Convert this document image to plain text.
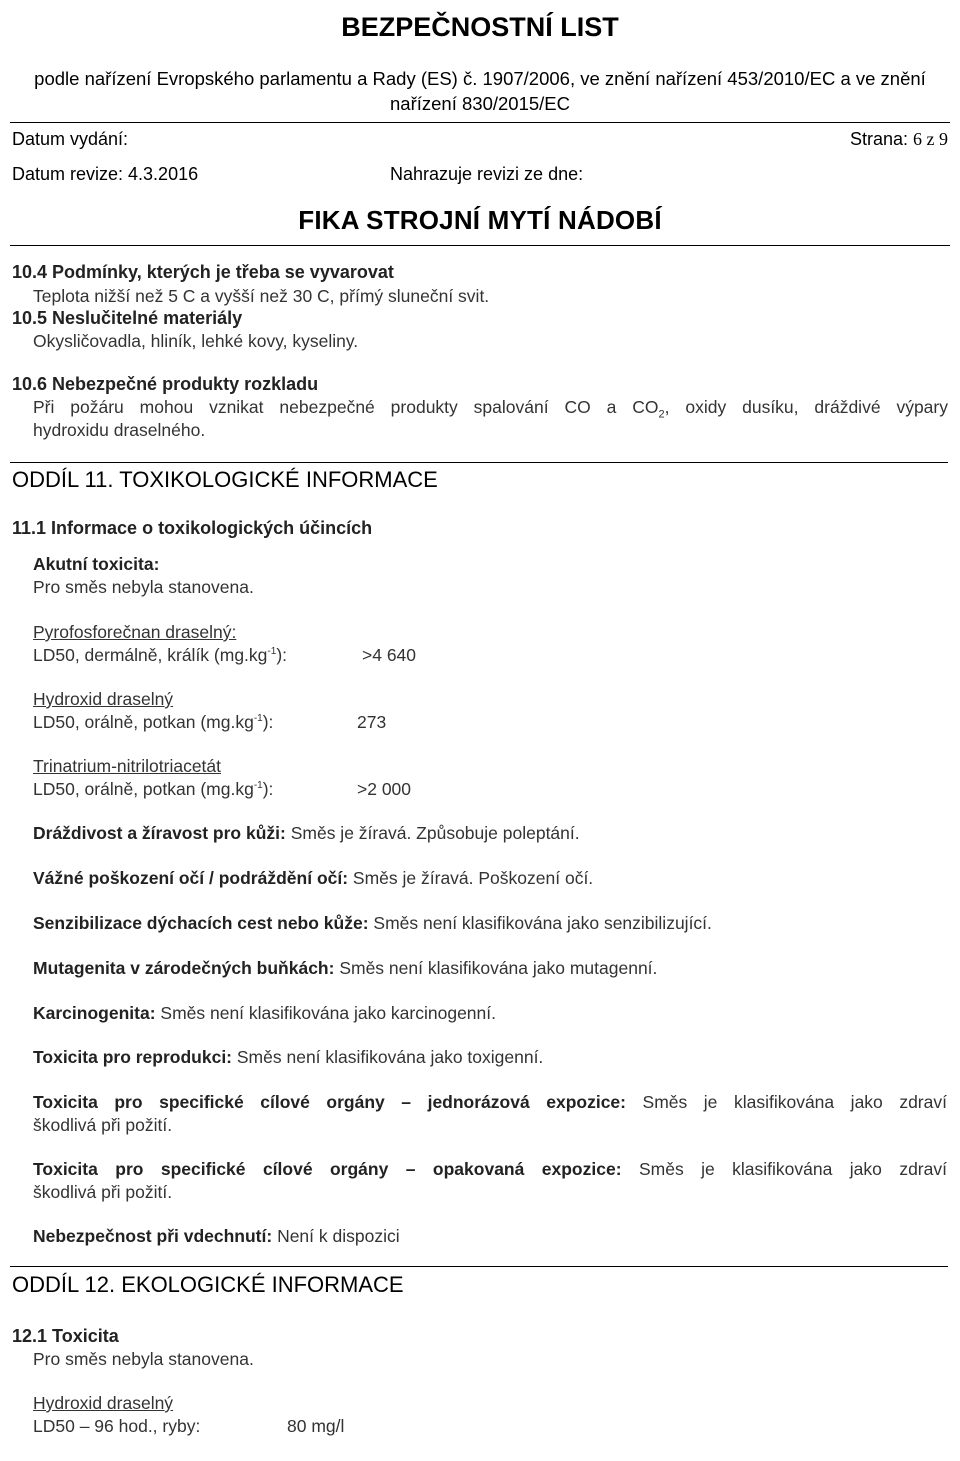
BEZPEČNOSTNÍ LIST
podle nařízení Evropského parlamentu a Rady (ES) č. 1907/2006, ve znění nařízení 453/2010/EC a ve znění
nařízení 830/2015/EC
Datum vydání:	Strana: 6 z 9
Datum revize: 4.3.2016	Nahrazuje revizi ze dne:
FIKA STROJNÍ MYTÍ NÁDOBÍ
10.4 Podmínky, kterých je třeba se vyvarovat
Teplota nižší než 5 C a vyšší než 30 C, přímý sluneční svit.
10.5 Neslučitelné materiály
Okysličovadla, hliník, lehké kovy, kyseliny.
10.6 Nebezpečné produkty rozkladu
Při požáru mohou vznikat nebezpečné produkty spalování CO a $CO_2$, oxidy dusíku, dráždivé výpary
hydroxidu draselného.
ODDÍL 11. TOXIKOLOGICKÉ INFORMACE
11.1 Informace o toxikologických účincích
Akutní toxicita:
Pro směs nebyla stanovena.
Pyrofosforečnan draselný:
LD50, dermálně, králík $(mg.kg^{-1})$:	>4 640
Hydroxid draselný
LD50, orálně, potkan $(mg.kg^{-1})$:	273
Trinatrium-nitrilotriacetát
LD50, orálně, potkan $(mg.kg^{-1})$:	>2 000
Dráždivost a žíravost pro kůži: Směs je žíravá. Způsobuje poleptání.
Vážné poškození očí / podráždění očí: Směs je žíravá. Poškození očí.
Senzibilizace dýchacích cest nebo kůže: Směs není klasifikována jako senzibilizující.
Mutagenita v zárodečných buňkách: Směs není klasifikována jako mutagenní.
Karcinogenita: Směs není klasifikována jako karcinogenní.
Toxicita pro reprodukci: Směs není klasifikována jako toxigenní.
Toxicita pro specifické cílové orgány – jednorázová expozice: Směs je klasifikována jako zdraví
škodlivá při požití.
Toxicita pro specifické cílové orgány – opakovaná expozice: Směs je klasifikována jako zdraví
škodlivá při požití.
Nebezpečnost při vdechnutí: Není k dispozici
ODDÍL 12. EKOLOGICKÉ INFORMACE
12.1 Toxicita
Pro směs nebyla stanovena.
Hydroxid draselný
LD50 – 96 hod., ryby:	80 mg/l
